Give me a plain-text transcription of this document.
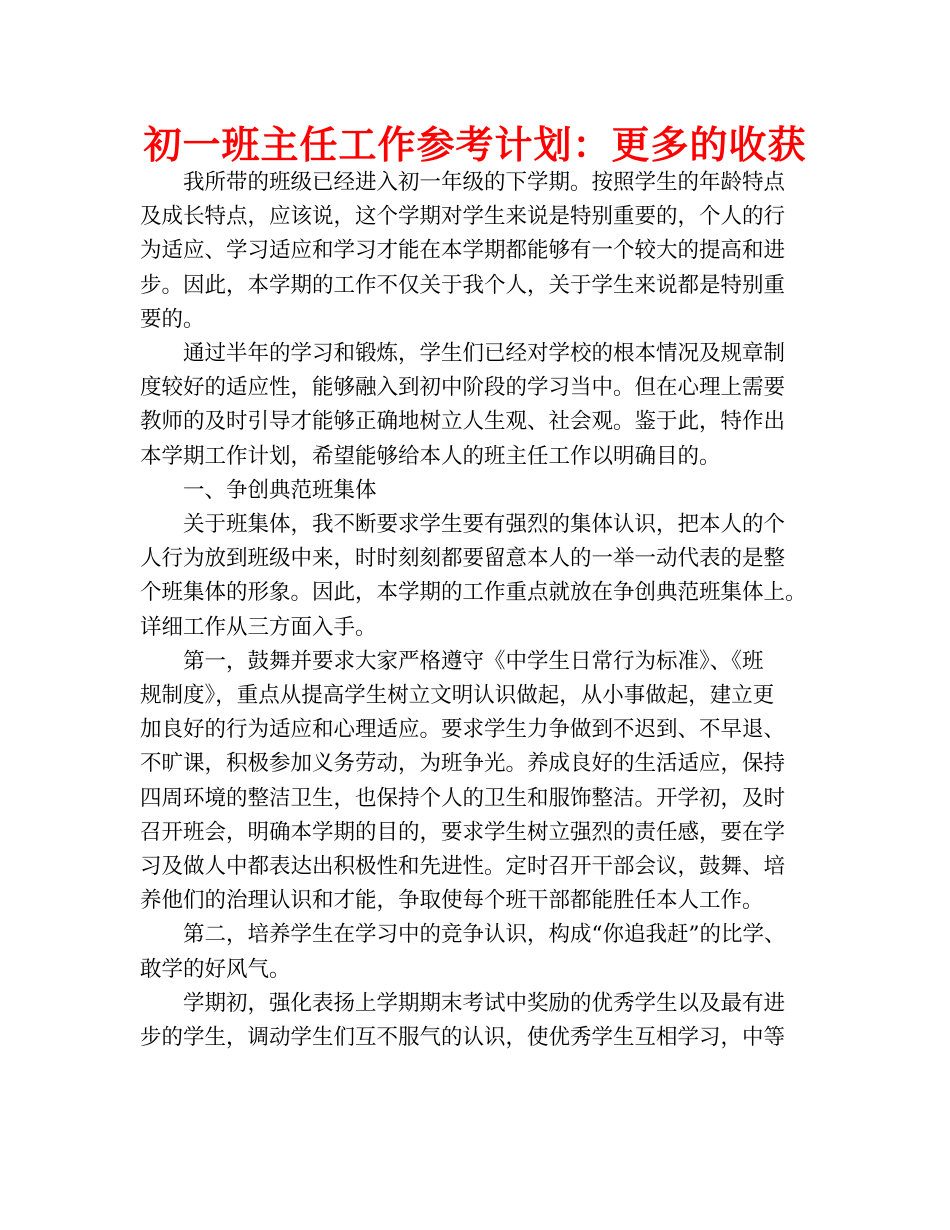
初一班主任工作参考计划：更多的收获

我所带的班级已经进入初一年级的下学期。按照学生的年龄特点
及成长特点，应该说，这个学期对学生来说是特别重要的，个人的行
为适应、学习适应和学习才能在本学期都能够有一个较大的提高和进
步。因此，本学期的工作不仅关于我个人，关于学生来说都是特别重
要的。

通过半年的学习和锻炼，学生们已经对学校的根本情况及规章制
度较好的适应性，能够融入到初中阶段的学习当中。但在心理上需要
教师的及时引导才能够正确地树立人生观、社会观。鉴于此，特作出
本学期工作计划，希望能够给本人的班主任工作以明确目的。

一、争创典范班集体

关于班集体，我不断要求学生要有强烈的集体认识，把本人的个
人行为放到班级中来，时时刻刻都要留意本人的一举一动代表的是整
个班集体的形象。因此，本学期的工作重点就放在争创典范班集体上。
详细工作从三方面入手。

第一，鼓舞并要求大家严格遵守《中学生日常行为标准》、《班
规制度》，重点从提高学生树立文明认识做起，从小事做起，建立更
加良好的行为适应和心理适应。要求学生力争做到不迟到、不早退、
不旷课，积极参加义务劳动，为班争光。养成良好的生活适应，保持
四周环境的整洁卫生，也保持个人的卫生和服饰整洁。开学初，及时
召开班会，明确本学期的目的，要求学生树立强烈的责任感，要在学
习及做人中都表达出积极性和先进性。定时召开干部会议，鼓舞、培
养他们的治理认识和才能，争取使每个班干部都能胜任本人工作。

第二，培养学生在学习中的竞争认识，构成“你追我赶”的比学、
敢学的好风气。

学期初，强化表扬上学期期末考试中奖励的优秀学生以及最有进
步的学生，调动学生们互不服气的认识，使优秀学生互相学习，中等
